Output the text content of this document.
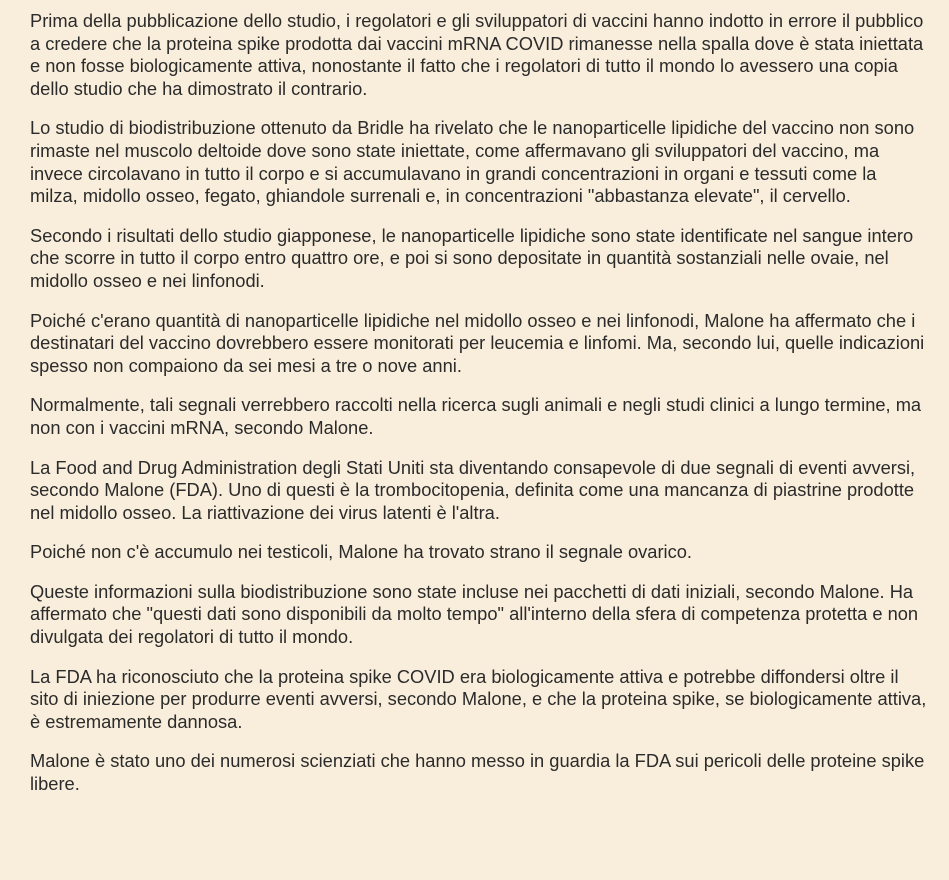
Prima della pubblicazione dello studio, i regolatori e gli sviluppatori di vaccini hanno indotto in errore il pubblico a credere che la proteina spike prodotta dai vaccini mRNA COVID rimanesse nella spalla dove è stata iniettata e non fosse biologicamente attiva, nonostante il fatto che i regolatori di tutto il mondo lo avessero una copia dello studio che ha dimostrato il contrario.

Lo studio di biodistribuzione ottenuto da Bridle ha rivelato che le nanoparticelle lipidiche del vaccino non sono rimaste nel muscolo deltoide dove sono state iniettate, come affermavano gli sviluppatori del vaccino, ma invece circolavano in tutto il corpo e si accumulavano in grandi concentrazioni in organi e tessuti come la milza, midollo osseo, fegato, ghiandole surrenali e, in concentrazioni "abbastanza elevate", il cervello.

Secondo i risultati dello studio giapponese, le nanoparticelle lipidiche sono state identificate nel sangue intero che scorre in tutto il corpo entro quattro ore, e poi si sono depositate in quantità sostanziali nelle ovaie, nel midollo osseo e nei linfonodi.

Poiché c'erano quantità di nanoparticelle lipidiche nel midollo osseo e nei linfonodi, Malone ha affermato che i destinatari del vaccino dovrebbero essere monitorati per leucemia e linfomi. Ma, secondo lui, quelle indicazioni spesso non compaiono da sei mesi a tre o nove anni.

Normalmente, tali segnali verrebbero raccolti nella ricerca sugli animali e negli studi clinici a lungo termine, ma non con i vaccini mRNA, secondo Malone.

La Food and Drug Administration degli Stati Uniti sta diventando consapevole di due segnali di eventi avversi, secondo Malone (FDA). Uno di questi è la trombocitopenia, definita come una mancanza di piastrine prodotte nel midollo osseo. La riattivazione dei virus latenti è l'altra.

Poiché non c'è accumulo nei testicoli, Malone ha trovato strano il segnale ovarico.

Queste informazioni sulla biodistribuzione sono state incluse nei pacchetti di dati iniziali, secondo Malone. Ha affermato che "questi dati sono disponibili da molto tempo" all'interno della sfera di competenza protetta e non divulgata dei regolatori di tutto il mondo.

La FDA ha riconosciuto che la proteina spike COVID era biologicamente attiva e potrebbe diffondersi oltre il sito di iniezione per produrre eventi avversi, secondo Malone, e che la proteina spike, se biologicamente attiva, è estremamente dannosa.

Malone è stato uno dei numerosi scienziati che hanno messo in guardia la FDA sui pericoli delle proteine spike libere.
